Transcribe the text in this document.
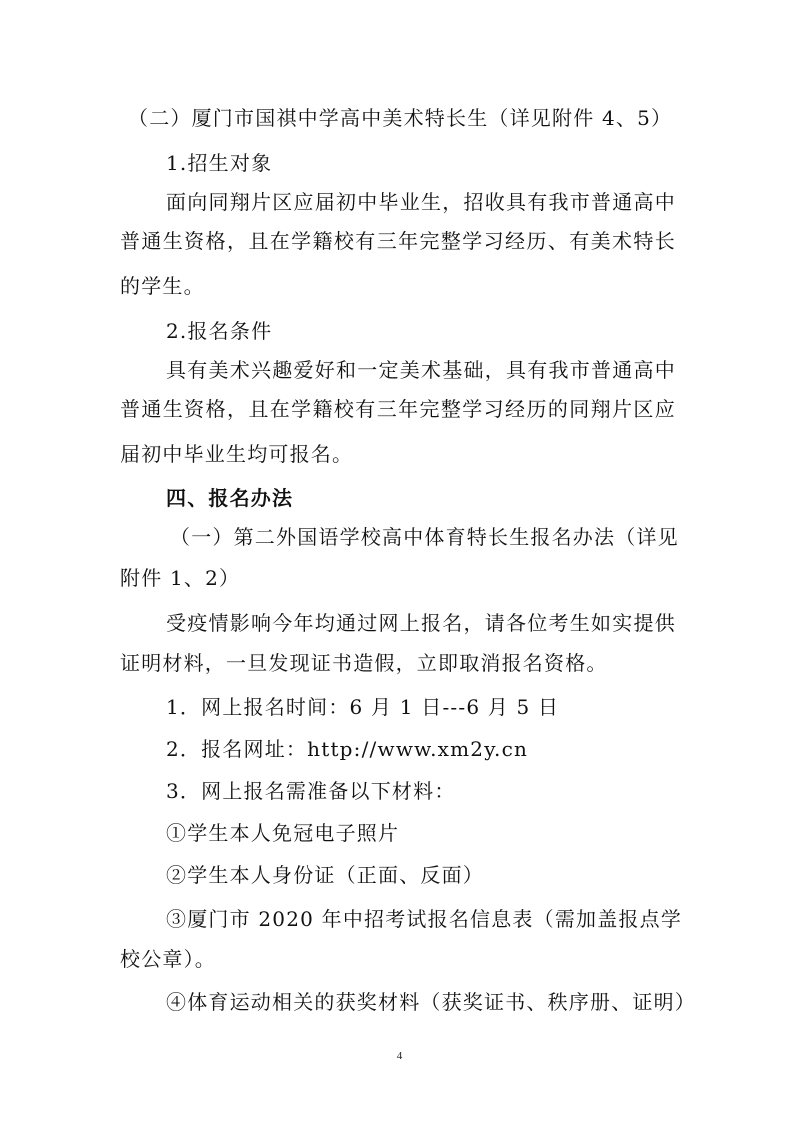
（二）厦门市国祺中学高中美术特长生（详见附件 4、5）
1.招生对象
面向同翔片区应届初中毕业生，招收具有我市普通高中
普通生资格，且在学籍校有三年完整学习经历、有美术特长
的学生。
2.报名条件
具有美术兴趣爱好和一定美术基础，具有我市普通高中
普通生资格，且在学籍校有三年完整学习经历的同翔片区应
届初中毕业生均可报名。
四、报名办法
（一）第二外国语学校高中体育特长生报名办法（详见
附件 1、2）
受疫情影响今年均通过网上报名，请各位考生如实提供
证明材料，一旦发现证书造假，立即取消报名资格。
1．网上报名时间：6 月 1 日---6 月 5 日
2．报名网址：http://www.xm2y.cn
3．网上报名需准备以下材料：
①学生本人免冠电子照片
②学生本人身份证（正面、反面）
③厦门市 2020 年中招考试报名信息表（需加盖报点学
校公章）。
④体育运动相关的获奖材料（获奖证书、秩序册、证明）
4
